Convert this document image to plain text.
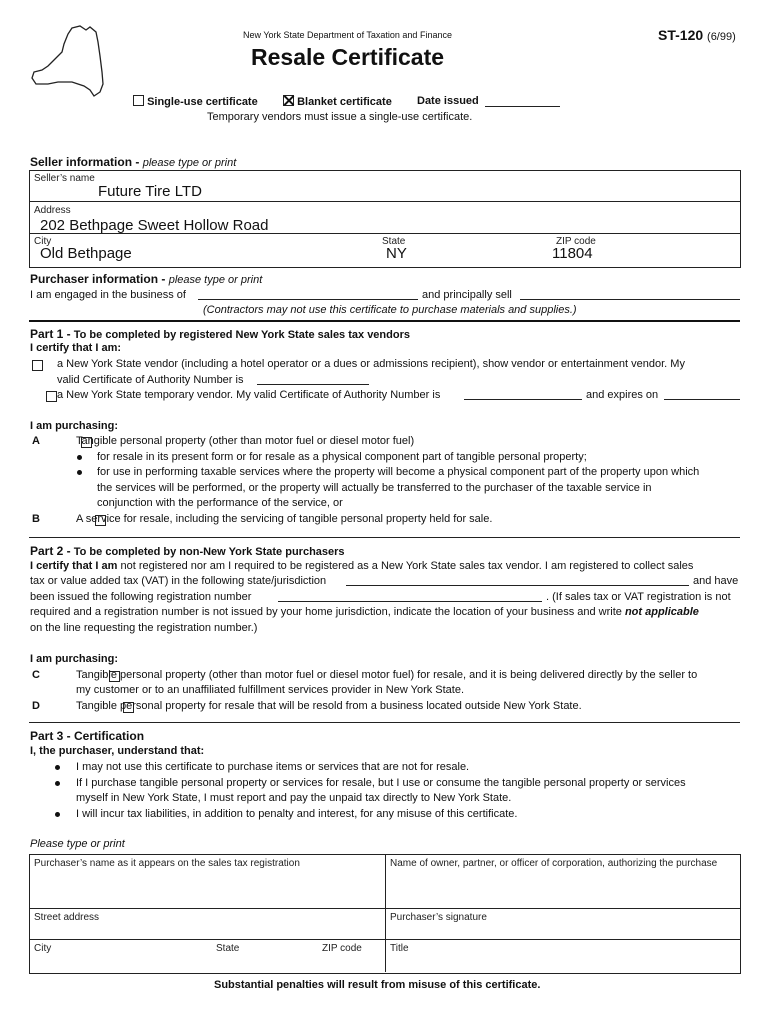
New York State Department of Taxation and Finance	ST-120 (6/99)
Resale Certificate
Single-use certificate	Blanket certificate Date issued
Temporary vendors must issue a single-use certificate.
Seller information - please type or print
Seller’s name
Future Tire LTD
Address
202 Bethpage Sweet Hollow Road
City
Old Bethpage
State
NY
ZIP code
11804
Purchaser information - please type or print
I am engaged in the business of	and principally sell
(Contractors may not use this certificate to purchase materials and supplies.)
Part 1 - To be completed by registered New York State sales tax vendors
I certify that I am:

a New York State vendor (including a hotel operator or a dues or admissions recipient), show vendor or entertainment vendor. My
valid Certificate of Authority Number is

a New York State temporary vendor. My valid Certificate of Authority Number is	and expires on
I am purchasing:
A
	Tangible personal property (other than motor fuel or diesel motor fuel)
for resale in its present form or for resale as a physical component part of tangible personal property;
for use in performing taxable services where the property will become a physical component part of the property upon which
the services will be performed, or the property will actually be transferred to the purchaser of the taxable service in
conjunction with the performance of the service, or
B
	A service for resale, including the servicing of tangible personal property held for sale.
Part 2 - To be completed by non-New York State purchasers
I certify that I am not registered nor am I required to be registered as a New York State sales tax vendor. I am registered to collect sales
tax or value added tax (VAT) in the following state/jurisdiction	and have
been issued the following registration number	. (If sales tax or VAT registration is not
required and a registration number is not issued by your home jurisdiction, indicate the location of your business and write not applicable
on the line requesting the registration number.)
I am purchasing:
C
	Tangible personal property (other than motor fuel or diesel motor fuel) for resale, and it is being delivered directly by the seller to
my customer or to an unaffiliated fulfillment services provider in New York State.
D	Tangible personal property for resale that will be resold from a business located outside New York State.
Part 3 - Certification
I, the purchaser, understand that:
I may not use this certificate to purchase items or services that are not for resale.
If I purchase tangible personal property or services for resale, but I use or consume the tangible personal property or services
myself in New York State, I must report and pay the unpaid tax directly to New York State.
I will incur tax liabilities, in addition to penalty and interest, for any misuse of this certificate.
Please type or print
Purchaser’s name as it appears on the sales tax registration	Name of owner, partner, or officer of corporation, authorizing the purchase
Street address	Purchaser’s signature
City	State	ZIP code	Title
Substantial penalties will result from misuse of this certificate.
